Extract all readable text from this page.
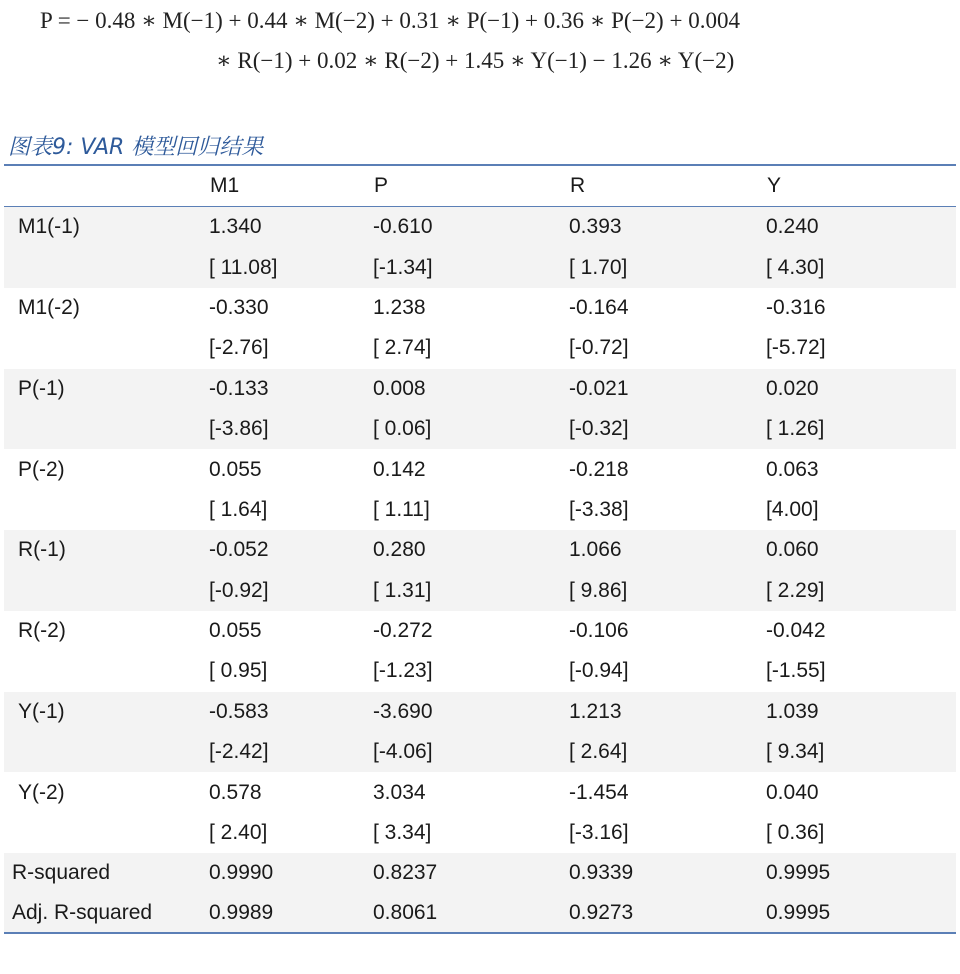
P = − 0.48 ∗ M(−1) + 0.44 ∗ M(−2) + 0.31 ∗ P(−1) + 0.36 ∗ P(−2) + 0.004
∗ R(−1) + 0.02 ∗ R(−2) + 1.45 ∗ Y(−1) − 1.26 ∗ Y(−2)
图表9: VAR 模型回归结果
	M1	P	R	Y
M1(-1)	1.340	-0.610	0.393	0.240
	[ 11.08]	[-1.34]	[ 1.70]	[ 4.30]
M1(-2)	-0.330	1.238	-0.164	-0.316
	[-2.76]	[ 2.74]	[-0.72]	[-5.72]
P(-1)	-0.133	0.008	-0.021	0.020
	[-3.86]	[ 0.06]	[-0.32]	[ 1.26]
P(-2)	0.055	0.142	-0.218	0.063
	[ 1.64]	[ 1.11]	[-3.38]	[4.00]
R(-1)	-0.052	0.280	1.066	0.060
	[-0.92]	[ 1.31]	[ 9.86]	[ 2.29]
R(-2)	0.055	-0.272	-0.106	-0.042
	[ 0.95]	[-1.23]	[-0.94]	[-1.55]
Y(-1)	-0.583	-3.690	1.213	1.039
	[-2.42]	[-4.06]	[ 2.64]	[ 9.34]
Y(-2)	0.578	3.034	-1.454	0.040
	[ 2.40]	[ 3.34]	[-3.16]	[ 0.36]
R-squared	0.9990	0.8237	0.9339	0.9995
Adj. R-squared	0.9989	0.8061	0.9273	0.9995
